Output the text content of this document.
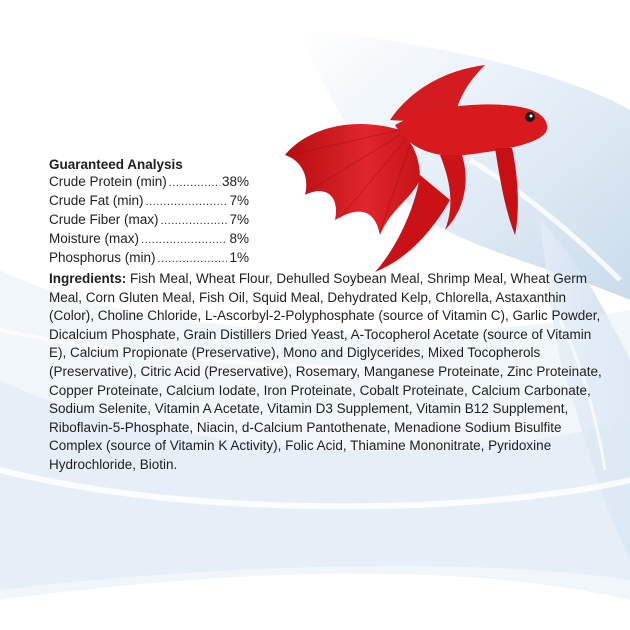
Guaranteed Analysis
Crude Protein (min) .....	38%
Crude Fat (min) .....	7%
Crude Fiber (max) .....	7%
Moisture (max) .....	8%
Phosphorus (min) .....	1%
Ingredients: Fish Meal, Wheat Flour, Dehulled Soybean Meal, Shrimp Meal, Wheat Germ Meal, Corn Gluten Meal, Fish Oil, Squid Meal, Dehydrated Kelp, Chlorella, Astaxanthin (Color), Choline Chloride, L-Ascorbyl-2-Polyphosphate (source of Vitamin C), Garlic Powder, Dicalcium Phosphate, Grain Distillers Dried Yeast, A-Tocopherol Acetate (source of Vitamin E), Calcium Propionate (Preservative), Mono and Diglycerides, Mixed Tocopherols (Preservative), Citric Acid (Preservative), Rosemary, Manganese Proteinate, Zinc Proteinate, Copper Proteinate, Calcium Iodate, Iron Proteinate, Cobalt Proteinate, Calcium Carbonate, Sodium Selenite, Vitamin A Acetate, Vitamin D3 Supplement, Vitamin B12 Supplement, Riboflavin-5-Phosphate, Niacin, d-Calcium Pantothenate, Menadione Sodium Bisulfite Complex (source of Vitamin K Activity), Folic Acid, Thiamine Mononitrate, Pyridoxine Hydrochloride, Biotin.
